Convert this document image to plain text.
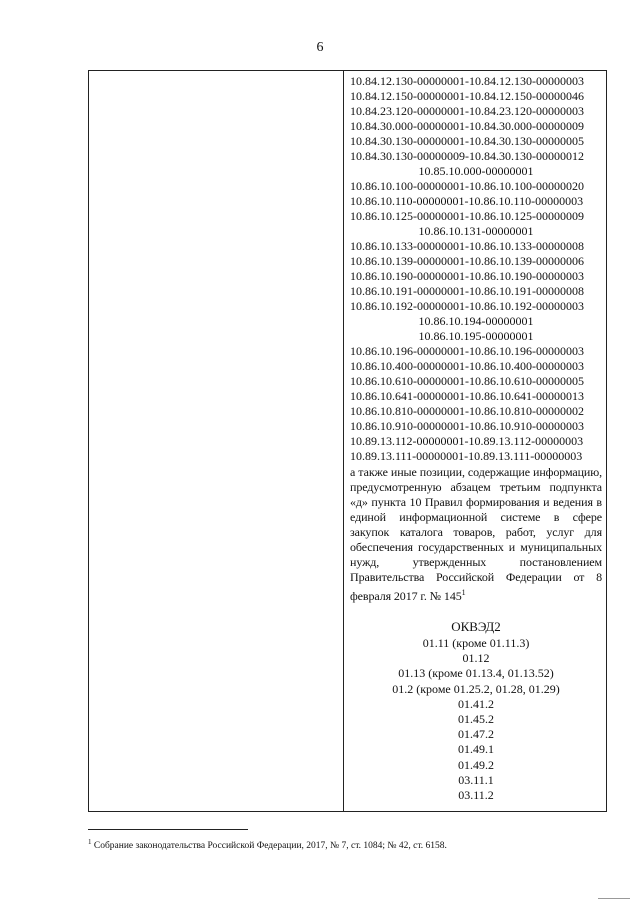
6
10.84.12.130-00000001-10.84.12.130-00000003
10.84.12.150-00000001-10.84.12.150-00000046
10.84.23.120-00000001-10.84.23.120-00000003
10.84.30.000-00000001-10.84.30.000-00000009
10.84.30.130-00000001-10.84.30.130-00000005
10.84.30.130-00000009-10.84.30.130-00000012
10.85.10.000-00000001
10.86.10.100-00000001-10.86.10.100-00000020
10.86.10.110-00000001-10.86.10.110-00000003
10.86.10.125-00000001-10.86.10.125-00000009
10.86.10.131-00000001
10.86.10.133-00000001-10.86.10.133-00000008
10.86.10.139-00000001-10.86.10.139-00000006
10.86.10.190-00000001-10.86.10.190-00000003
10.86.10.191-00000001-10.86.10.191-00000008
10.86.10.192-00000001-10.86.10.192-00000003
10.86.10.194-00000001
10.86.10.195-00000001
10.86.10.196-00000001-10.86.10.196-00000003
10.86.10.400-00000001-10.86.10.400-00000003
10.86.10.610-00000001-10.86.10.610-00000005
10.86.10.641-00000001-10.86.10.641-00000013
10.86.10.810-00000001-10.86.10.810-00000002
10.86.10.910-00000001-10.86.10.910-00000003
10.89.13.112-00000001-10.89.13.112-00000003
10.89.13.111-00000001-10.89.13.111-00000003
а также иные позиции, содержащие информацию, предусмотренную абзацем третьим подпункта «д» пункта 10 Правил формирования и ведения в единой информационной системе в сфере закупок каталога товаров, работ, услуг для обеспечения государственных и муниципальных нужд, утвержденных постановлением Правительства Российской Федерации от 8 февраля 2017 г. № $145^1$
ОКВЭД2
01.11 (кроме 01.11.3)
01.12
01.13 (кроме 01.13.4, 01.13.52)
01.2 (кроме 01.25.2, 01.28, 01.29)
01.41.2
01.45.2
01.47.2
01.49.1
01.49.2
03.11.1
03.11.2
$^1$ Собрание законодательства Российской Федерации, 2017, № 7, ст. 1084; № 42, ст. 6158.
